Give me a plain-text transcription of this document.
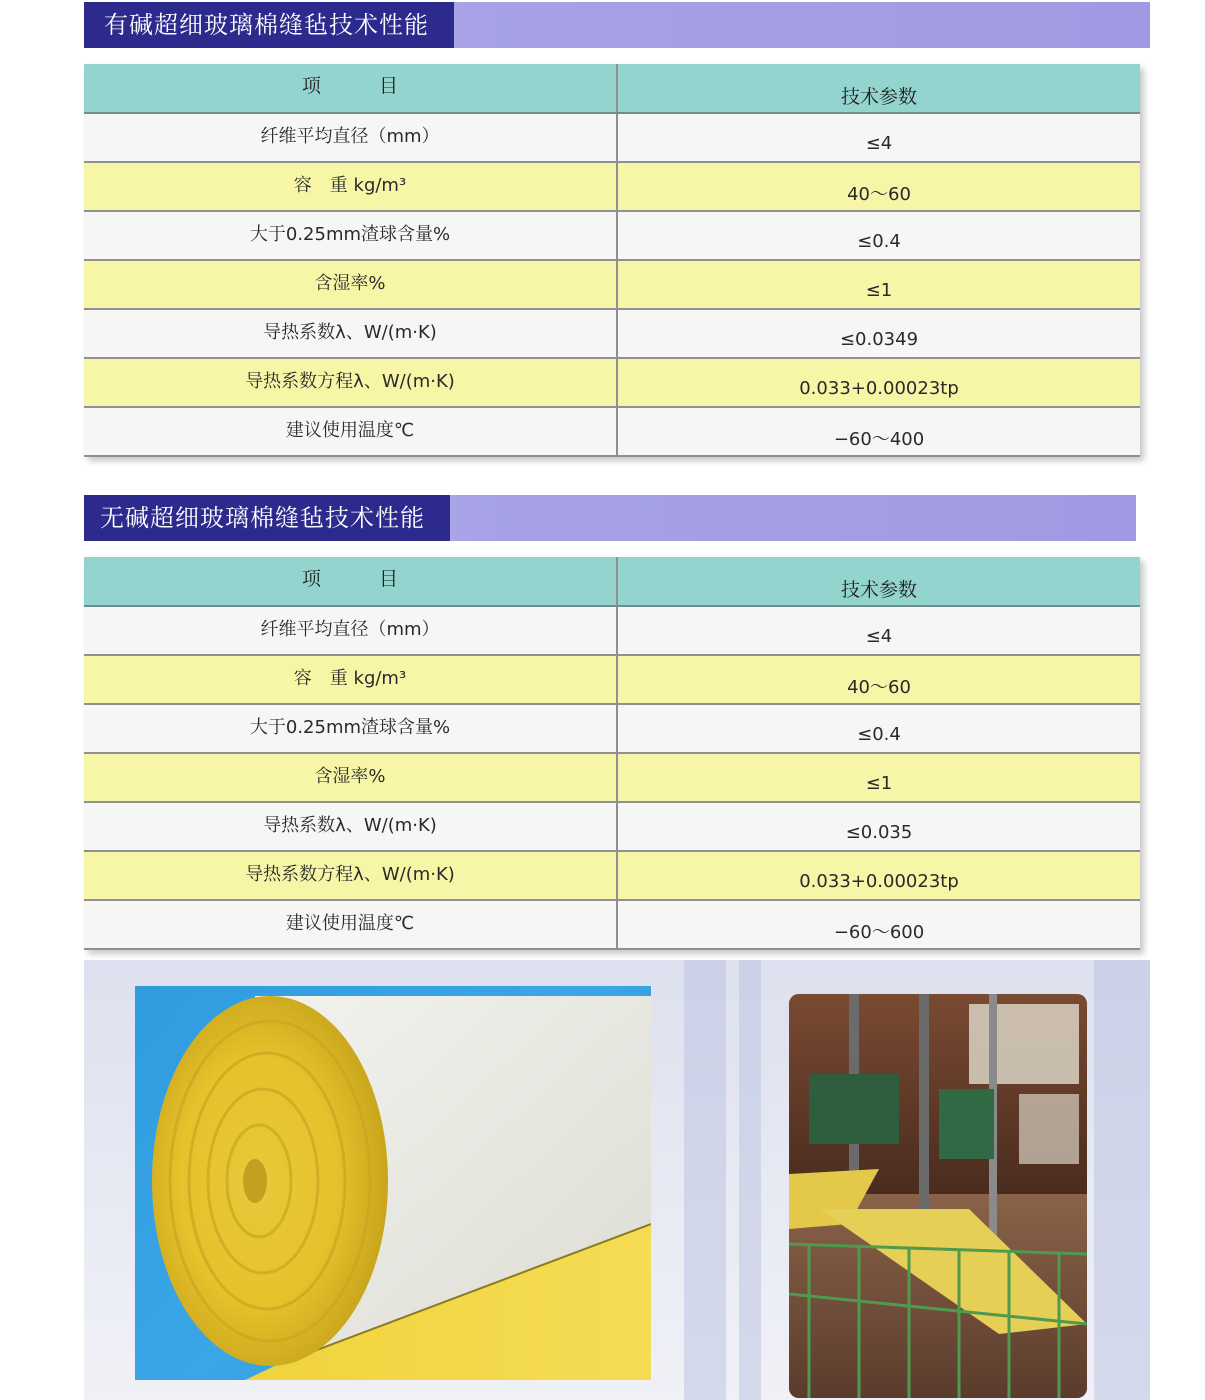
有碱超细玻璃棉缝毡技术性能
项 目	技术参数
纤维平均直径（mm）	≤4
容　重 kg/m³	40～60
大于0.25mm渣球含量%	≤0.4
含湿率%	≤1
导热系数λ、W/(m·K)	≤0.0349
导热系数方程λ、W/(m·K)	0.033+0.00023tp
建议使用温度℃	−60～400
无碱超细玻璃棉缝毡技术性能
项 目	技术参数
纤维平均直径（mm）	≤4
容　重 kg/m³	40～60
大于0.25mm渣球含量%	≤0.4
含湿率%	≤1
导热系数λ、W/(m·K)	≤0.035
导热系数方程λ、W/(m·K)	0.033+0.00023tp
建议使用温度℃	−60～600
